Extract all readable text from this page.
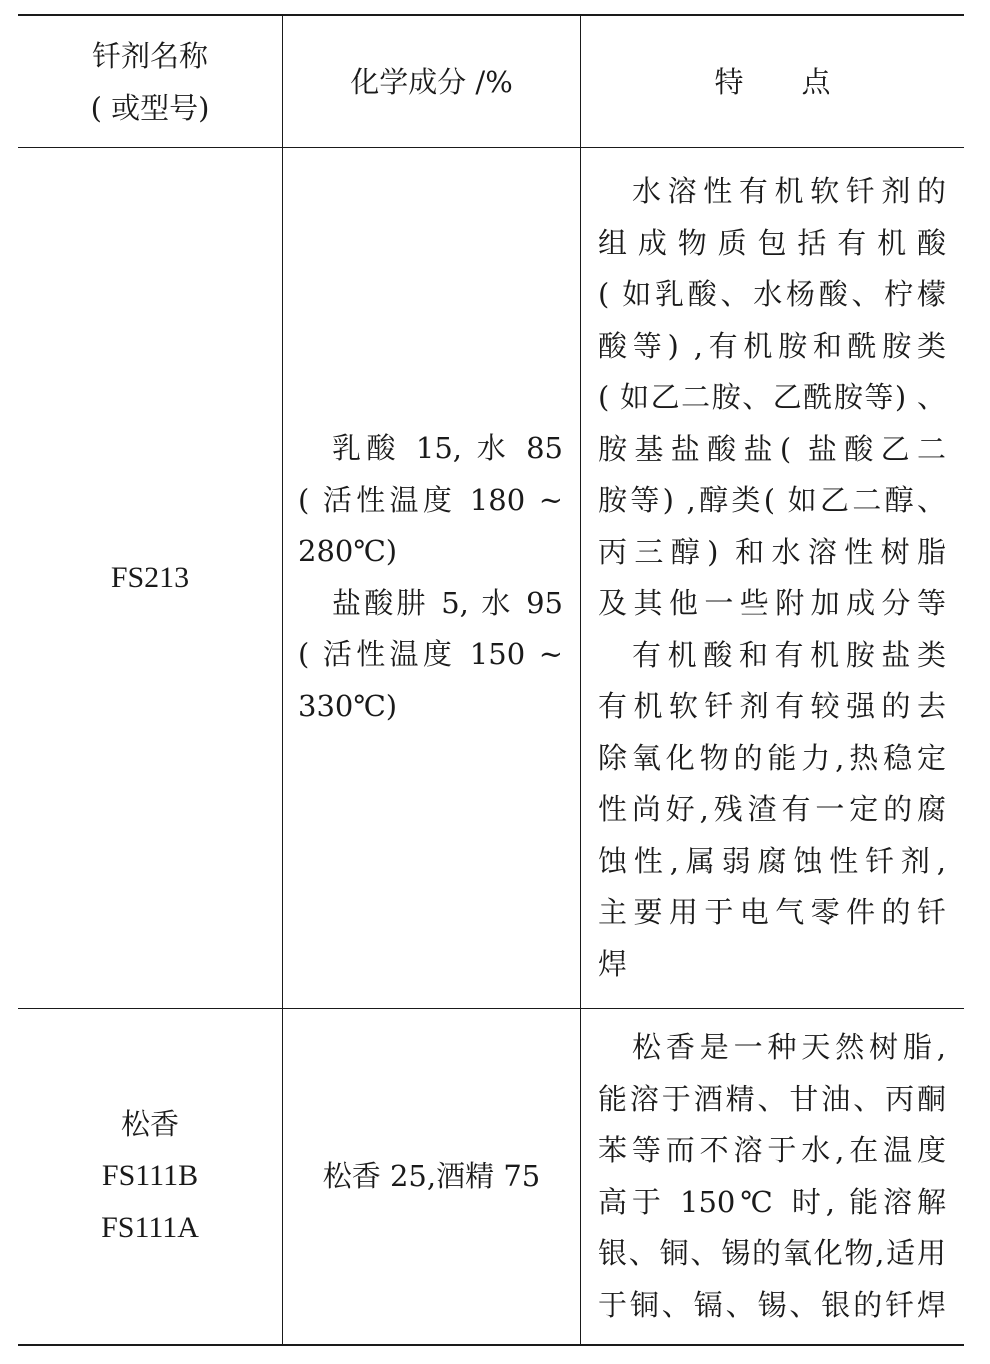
钎剂名称
( 或型号)
化学成分 /%	特　　点
FS213
乳酸 15, 水 85
( 活性温度 180 ~
280℃)
盐酸肼 5, 水 95
( 活性温度 150 ~
330℃)
水溶性有机软钎剂的
组成物质包括有机酸
( 如乳酸、水杨酸、柠檬
酸等) ,有机胺和酰胺类
( 如乙二胺、乙酰胺等) 、
胺基盐酸盐( 盐酸乙二
胺等) ,醇类( 如乙二醇、
丙三醇) 和水溶性树脂
及其他一些附加成分等
有机酸和有机胺盐类
有机软钎剂有较强的去
除氧化物的能力,热稳定
性尚好,残渣有一定的腐
蚀性,属弱腐蚀性钎剂,
主要用于电气零件的钎
焊
松香
FS111B
FS111A
松香 25,酒精 75
松香是一种天然树脂,
能溶于酒精、甘油、丙酮
苯等而不溶于水,在温度
高于 150℃ 时, 能溶解
银、铜、锡的氧化物,适用
于铜、镉、锡、银的钎焊
